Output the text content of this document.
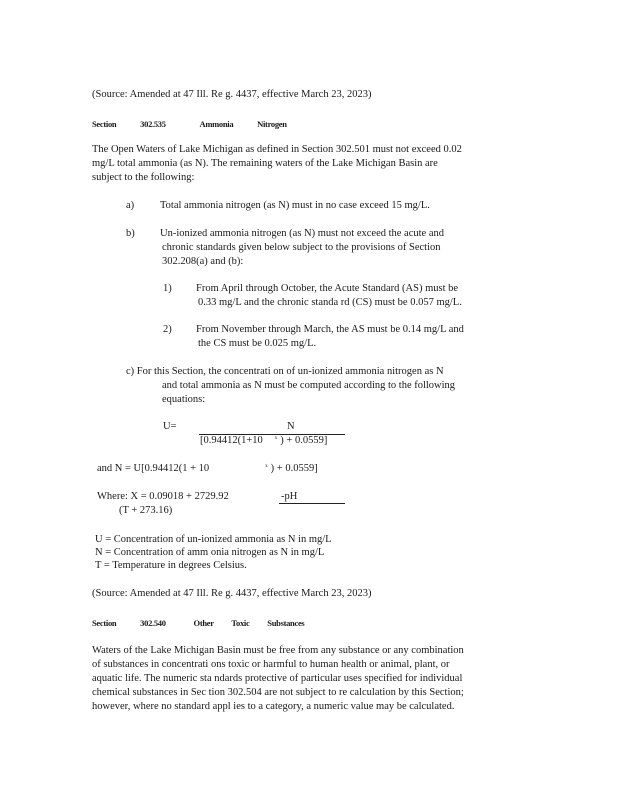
(Source: Amended at 47 Ill. Re g. 4437, effective March 23, 2023)
Section	302.535	Ammonia	Nitrogen
The Open Waters of Lake Michigan as defined in Section 302.501 must not exceed 0.02
mg/L total ammonia (as N). The remaining waters of the Lake Michigan Basin are
subject to the following:
a) Total ammonia nitrogen (as N) must in no case exceed 15 mg/L.
b) Un-ionized ammonia nitrogen (as N) must not exceed the acute and
chronic standards given below subject to the provisions of Section
302.208(a) and (b):
1) From April through October, the Acute Standard (AS) must be
0.33 mg/L and the chronic standa rd (CS) must be 0.057 mg/L.
2) From November through March, the AS must be 0.14 mg/L and
the CS must be 0.025 mg/L.
c) For this Section, the concentrati on of un-ionized ammonia nitrogen as N
and total ammonia as N must be computed according to the following
equations:
U=	N
[0.94412(1+10 $^x$ ) + 0.0559]
and N = U[0.94412(1 + 10	$^x$ ) + 0.0559]
Where: X = 0.09018 + 2729.92	-pH
(T + 273.16)
U = Concentration of un-ionized ammonia as N in mg/L
N = Concentration of amm onia nitrogen as N in mg/L
T = Temperature in degrees Celsius.
(Source: Amended at 47 Ill. Re g. 4437, effective March 23, 2023)
Section	302.540	Other Toxic Substances
Waters of the Lake Michigan Basin must be free from any substance or any combination
of substances in concentrati ons toxic or harmful to human health or animal, plant, or
aquatic life. The numeric sta ndards protective of particular uses specified for individual
chemical substances in Sec tion 302.504 are not subject to re calculation by this Section;
however, where no standard appl ies to a category, a numeric value may be calculated.
